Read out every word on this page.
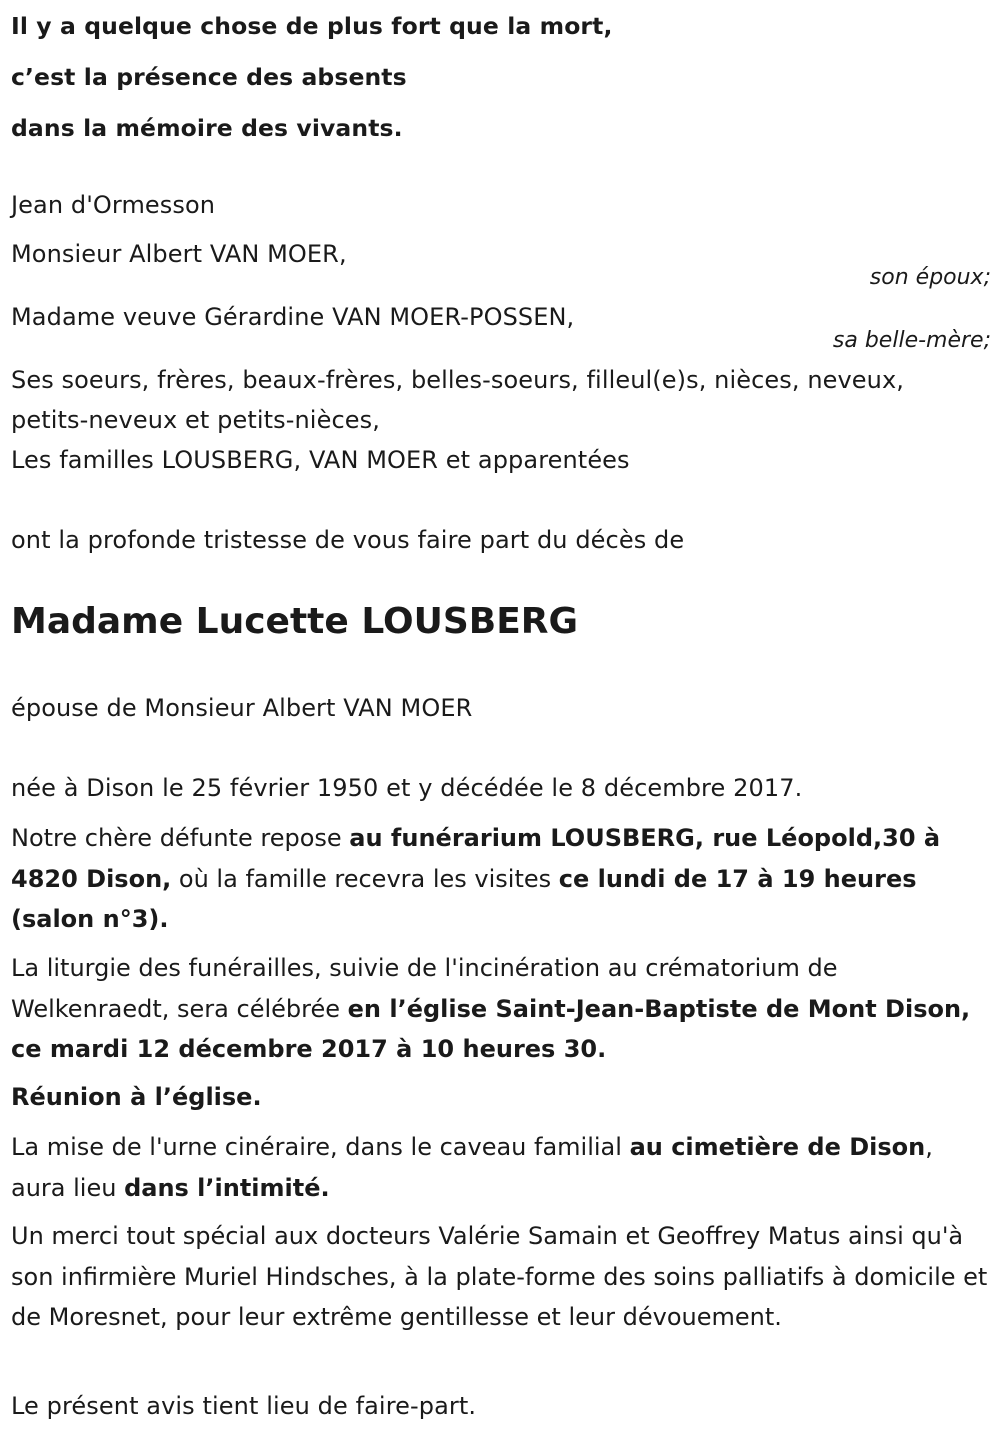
Il y a quelque chose de plus fort que la mort,
c’est la présence des absents
dans la mémoire des vivants.
Jean d'Ormesson
Monsieur Albert VAN MOER,
son époux;
Madame veuve Gérardine VAN MOER-POSSEN,
sa belle-mère;
Ses soeurs, frères, beaux-frères, belles-soeurs, filleul(e)s, nièces, neveux,
petits-neveux et petits-nièces,
Les familles LOUSBERG, VAN MOER et apparentées
ont la profonde tristesse de vous faire part du décès de
Madame Lucette LOUSBERG
épouse de Monsieur Albert VAN MOER
née à Dison le 25 février 1950 et y décédée le 8 décembre 2017.
Notre chère défunte repose au funérarium LOUSBERG, rue Léopold,30 à 4820 Dison, où la famille recevra les visites ce lundi de 17 à 19 heures (salon n°3).
La liturgie des funérailles, suivie de l'incinération au crématorium de Welkenraedt, sera célébrée en l’église Saint-Jean-Baptiste de Mont Dison, ce mardi 12 décembre 2017 à 10 heures 30.
Réunion à l’église.
La mise de l'urne cinéraire, dans le caveau familial au cimetière de Dison, aura lieu dans l’intimité.
Un merci tout spécial aux docteurs Valérie Samain et Geoffrey Matus ainsi qu'à son infirmière Muriel Hindsches, à la plate-forme des soins palliatifs à domicile et de Moresnet, pour leur extrême gentillesse et leur dévouement.
Le présent avis tient lieu de faire-part.
